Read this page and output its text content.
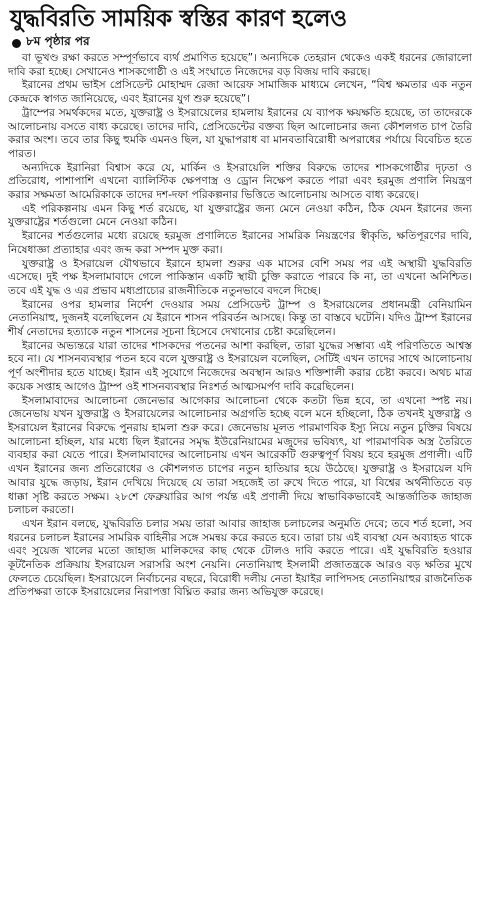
যুদ্ধবিরতি সাময়িক স্বস্তির কারণ হলেও
৮ম পৃষ্ঠার পর

বা ভূখণ্ড রক্ষা করতে সম্পূর্ণভাবে ব্যর্থ প্রমাণিত হয়েছে”। অন্যদিকে তেহরান থেকেও একই ধরনের জোরালো দাবি করা হচ্ছে। সেখানেও শাসকগোষ্ঠী ও এই সংঘাতে নিজেদের বড় বিজয় দাবি করছে।

ইরানের প্রথম ভাইস প্রেসিডেন্ট মোহাম্মদ রেজা আরেফ সামাজিক মাধ্যমে লেখেন, “বিশ্ব ক্ষমতার এক নতুন কেন্দ্রকে স্বাগত জানিয়েছে, এবং ইরানের যুগ শুরু হয়েছে”।

ট্রাম্পের সমর্থকদের মতে, যুক্তরাষ্ট্র ও ইসরায়েলের হামলায় ইরানের যে ব্যাপক ক্ষয়ক্ষতি হয়েছে, তা তাদেরকে আলোচনায় বসতে বাধ্য করেছে। তাদের দাবি, প্রেসিডেন্টের বক্তব্য ছিল আলোচনার জন্য কৌশলগত চাপ তৈরি করার অংশ। তবে তার কিছু হুমকি এমনও ছিল, যা যুদ্ধাপরাধ বা মানবতাবিরোধী অপরাধের পর্যায়ে বিবেচিত হতে পারত।

অন্যদিকে ইরানিরা বিশ্বাস করে যে, মার্কিন ও ইসরায়েলি শক্তির বিরুদ্ধে তাদের শাসকগোষ্ঠীর দৃঢ়তা ও প্রতিরোধ, পাশাপাশি এখনো ব্যালিস্টিক ক্ষেপণাস্ত্র ও ড্রোন নিক্ষেপ করতে পারা এবং হরমুজ প্রণালি নিয়ন্ত্রণ করার সক্ষমতা আমেরিকাকে তাদের দশ-দফা পরিকল্পনার ভিত্তিতে আলোচনায় আসতে বাধ্য করেছে।

এই পরিকল্পনায় এমন কিছু শর্ত রয়েছে, যা যুক্তরাষ্ট্রের জন্য মেনে নেওয়া কঠিন, ঠিক যেমন ইরানের জন্য যুক্তরাষ্ট্রের শর্তগুলো মেনে নেওয়া কঠিন।

ইরানের শর্তগুলোর মধ্যে রয়েছে হরমুজ প্রণালিতে ইরানের সামরিক নিয়ন্ত্রণের স্বীকৃতি, ক্ষতিপূরণের দাবি, নিষেধাজ্ঞা প্রত্যাহার এবং জব্দ করা সম্পদ মুক্ত করা।

যুক্তরাষ্ট্র ও ইসরায়েল যৌথভাবে ইরানে হামলা শুরুর এক মাসের বেশি সময় পর এই অস্থায়ী যুদ্ধবিরতি এসেছে। দুই পক্ষ ইসলামাবাদে গেলে পাকিস্তান একটি স্থায়ী চুক্তি করাতে পারবে কি না, তা এখনো অনিশ্চিত। তবে এই যুদ্ধ ও এর প্রভাব মধ্যপ্রাচ্যের রাজনীতিকে নতুনভাবে বদলে দিচ্ছে।

ইরানের ওপর হামলার নির্দেশ দেওয়ার সময় প্রেসিডেন্ট ট্রাম্প ও ইসরায়েলের প্রধানমন্ত্রী বেনিয়ামিন নেতানিয়াহু, দুজনই বলেছিলেন যে ইরানে শাসন পরিবর্তন আসছে। কিন্তু তা বাস্তবে ঘটেনি। যদিও ট্রাম্প ইরানের শীর্ষ নেতাদের হত্যাকে নতুন শাসনের সূচনা হিসেবে দেখানোর চেষ্টা করেছিলেন।

ইরানের অভ্যন্তরে যারা তাদের শাসকদের পতনের আশা করছিল, তারা যুদ্ধের সম্ভাব্য এই পরিণতিতে আশ্বস্ত হবে না। যে শাসনব্যবস্থার পতন হবে বলে যুক্তরাষ্ট্র ও ইসরায়েল বলেছিল, সেটিই এখন তাদের সাথে আলোচনায় পূর্ণ অংশীদার হতে যাচ্ছে। ইরান এই সুযোগে নিজেদের অবস্থান আরও শক্তিশালী করার চেষ্টা করবে। অথচ মাত্র কয়েক সপ্তাহ আগেও ট্রাম্প ওই শাসনব্যবস্থার নিঃশর্ত আত্মসমর্পণ দাবি করেছিলেন।

ইসলামাবাদের আলোচনা জেনেভার আগেকার আলোচনা থেকে কতটা ভিন্ন হবে, তা এখনো স্পষ্ট নয়। জেনেভায় যখন যুক্তরাষ্ট্র ও ইসরায়েলের আলোচনার অগ্রগতি হচ্ছে বলে মনে হচ্ছিলো, ঠিক তখনই যুক্তরাষ্ট্র ও ইসরায়েল ইরানের বিরুদ্ধে পুনরায় হামলা শুরু করে। জেনেভায় মূলত পারমাণবিক ইস্যু নিয়ে নতুন চুক্তির বিষয়ে আলোচনা হচ্ছিল, যার মধ্যে ছিল ইরানের সমৃদ্ধ ইউরেনিয়ামের মজুদের ভবিষ্যৎ, যা পারমাণবিক অস্ত্র তৈরিতে ব্যবহার করা যেতে পারে। ইসলামাবাদের আলোচনায় এখন আরেকটি গুরুত্বপূর্ণ বিষয় হবে হরমুজ প্রণালী। এটি এখন ইরানের জন্য প্রতিরোধের ও কৌশলগত চাপের নতুন হাতিয়ার হয়ে উঠেছে। যুক্তরাষ্ট্র ও ইসরায়েল যদি আবার যুদ্ধে জড়ায়, ইরান দেখিয়ে দিয়েছে যে তারা সহজেই তা রুখে দিতে পারে, যা বিশ্বের অর্থনীতিতে বড় ধাক্কা সৃষ্টি করতে সক্ষম। ২৮শে ফেব্রুয়ারির আগ পর্যন্ত এই প্রণালী দিয়ে স্বাভাবিকভাবেই আন্তর্জাতিক জাহাজ চলাচল করতো।

এখন ইরান বলছে, যুদ্ধবিরতি চলার সময় তারা আবার জাহাজ চলাচলের অনুমতি দেবে; তবে শর্ত হলো, সব ধরনের চলাচল ইরানের সামরিক বাহিনীর সঙ্গে সমন্বয় করে করতে হবে। তারা চায় এই ব্যবস্থা যেন অব্যাহত থাকে এবং সুয়েজ খালের মতো জাহাজ মালিকদের কাছ থেকে টোলও দাবি করতে পারে। এই যুদ্ধবিরতি হওয়ার কূটনৈতিক প্রক্রিয়ায় ইসরায়েল সরাসরি অংশ নেয়নি। নেতানিয়াহু ইসলামী প্রজাতন্ত্রকে আরও বড় ক্ষতির মুখে ফেলতে চেয়েছিল। ইসরায়েলে নির্বাচনের বছরে, বিরোধী দলীয় নেতা ইয়াইর লাপিদসহ নেতানিয়াহুর রাজনৈতিক প্রতিপক্ষরা তাকে ইসরায়েলের নিরাপত্তা বিঘ্নিত করার জন্য অভিযুক্ত করেছে।
